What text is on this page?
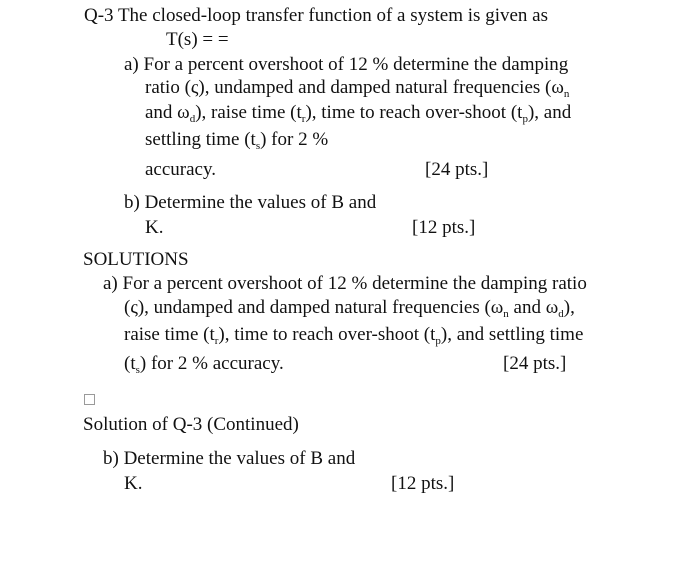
Q-3 The closed-loop transfer function of a system is given as
T(s) = =
a) For a percent overshoot of 12 % determine the damping
ratio (ς), undamped and damped natural frequencies ($\omega_n$
and $\omega_d$), raise time $(t_r)$, time to reach over-shoot $(t_p)$, and
settling time $(t_s)$ for 2 %
accuracy.	[24 pts.]
b) Determine the values of B and
K.	[12 pts.]
SOLUTIONS
a) For a percent overshoot of 12 % determine the damping ratio
(ς), undamped and damped natural frequencies ($\omega_n$ and $\omega_d$),
raise time $(t_r)$, time to reach over-shoot $(t_p)$, and settling time
$(t_s)$ for 2 % accuracy.	[24 pts.]
Solution of Q-3 (Continued)
b) Determine the values of B and
K.	[12 pts.]
